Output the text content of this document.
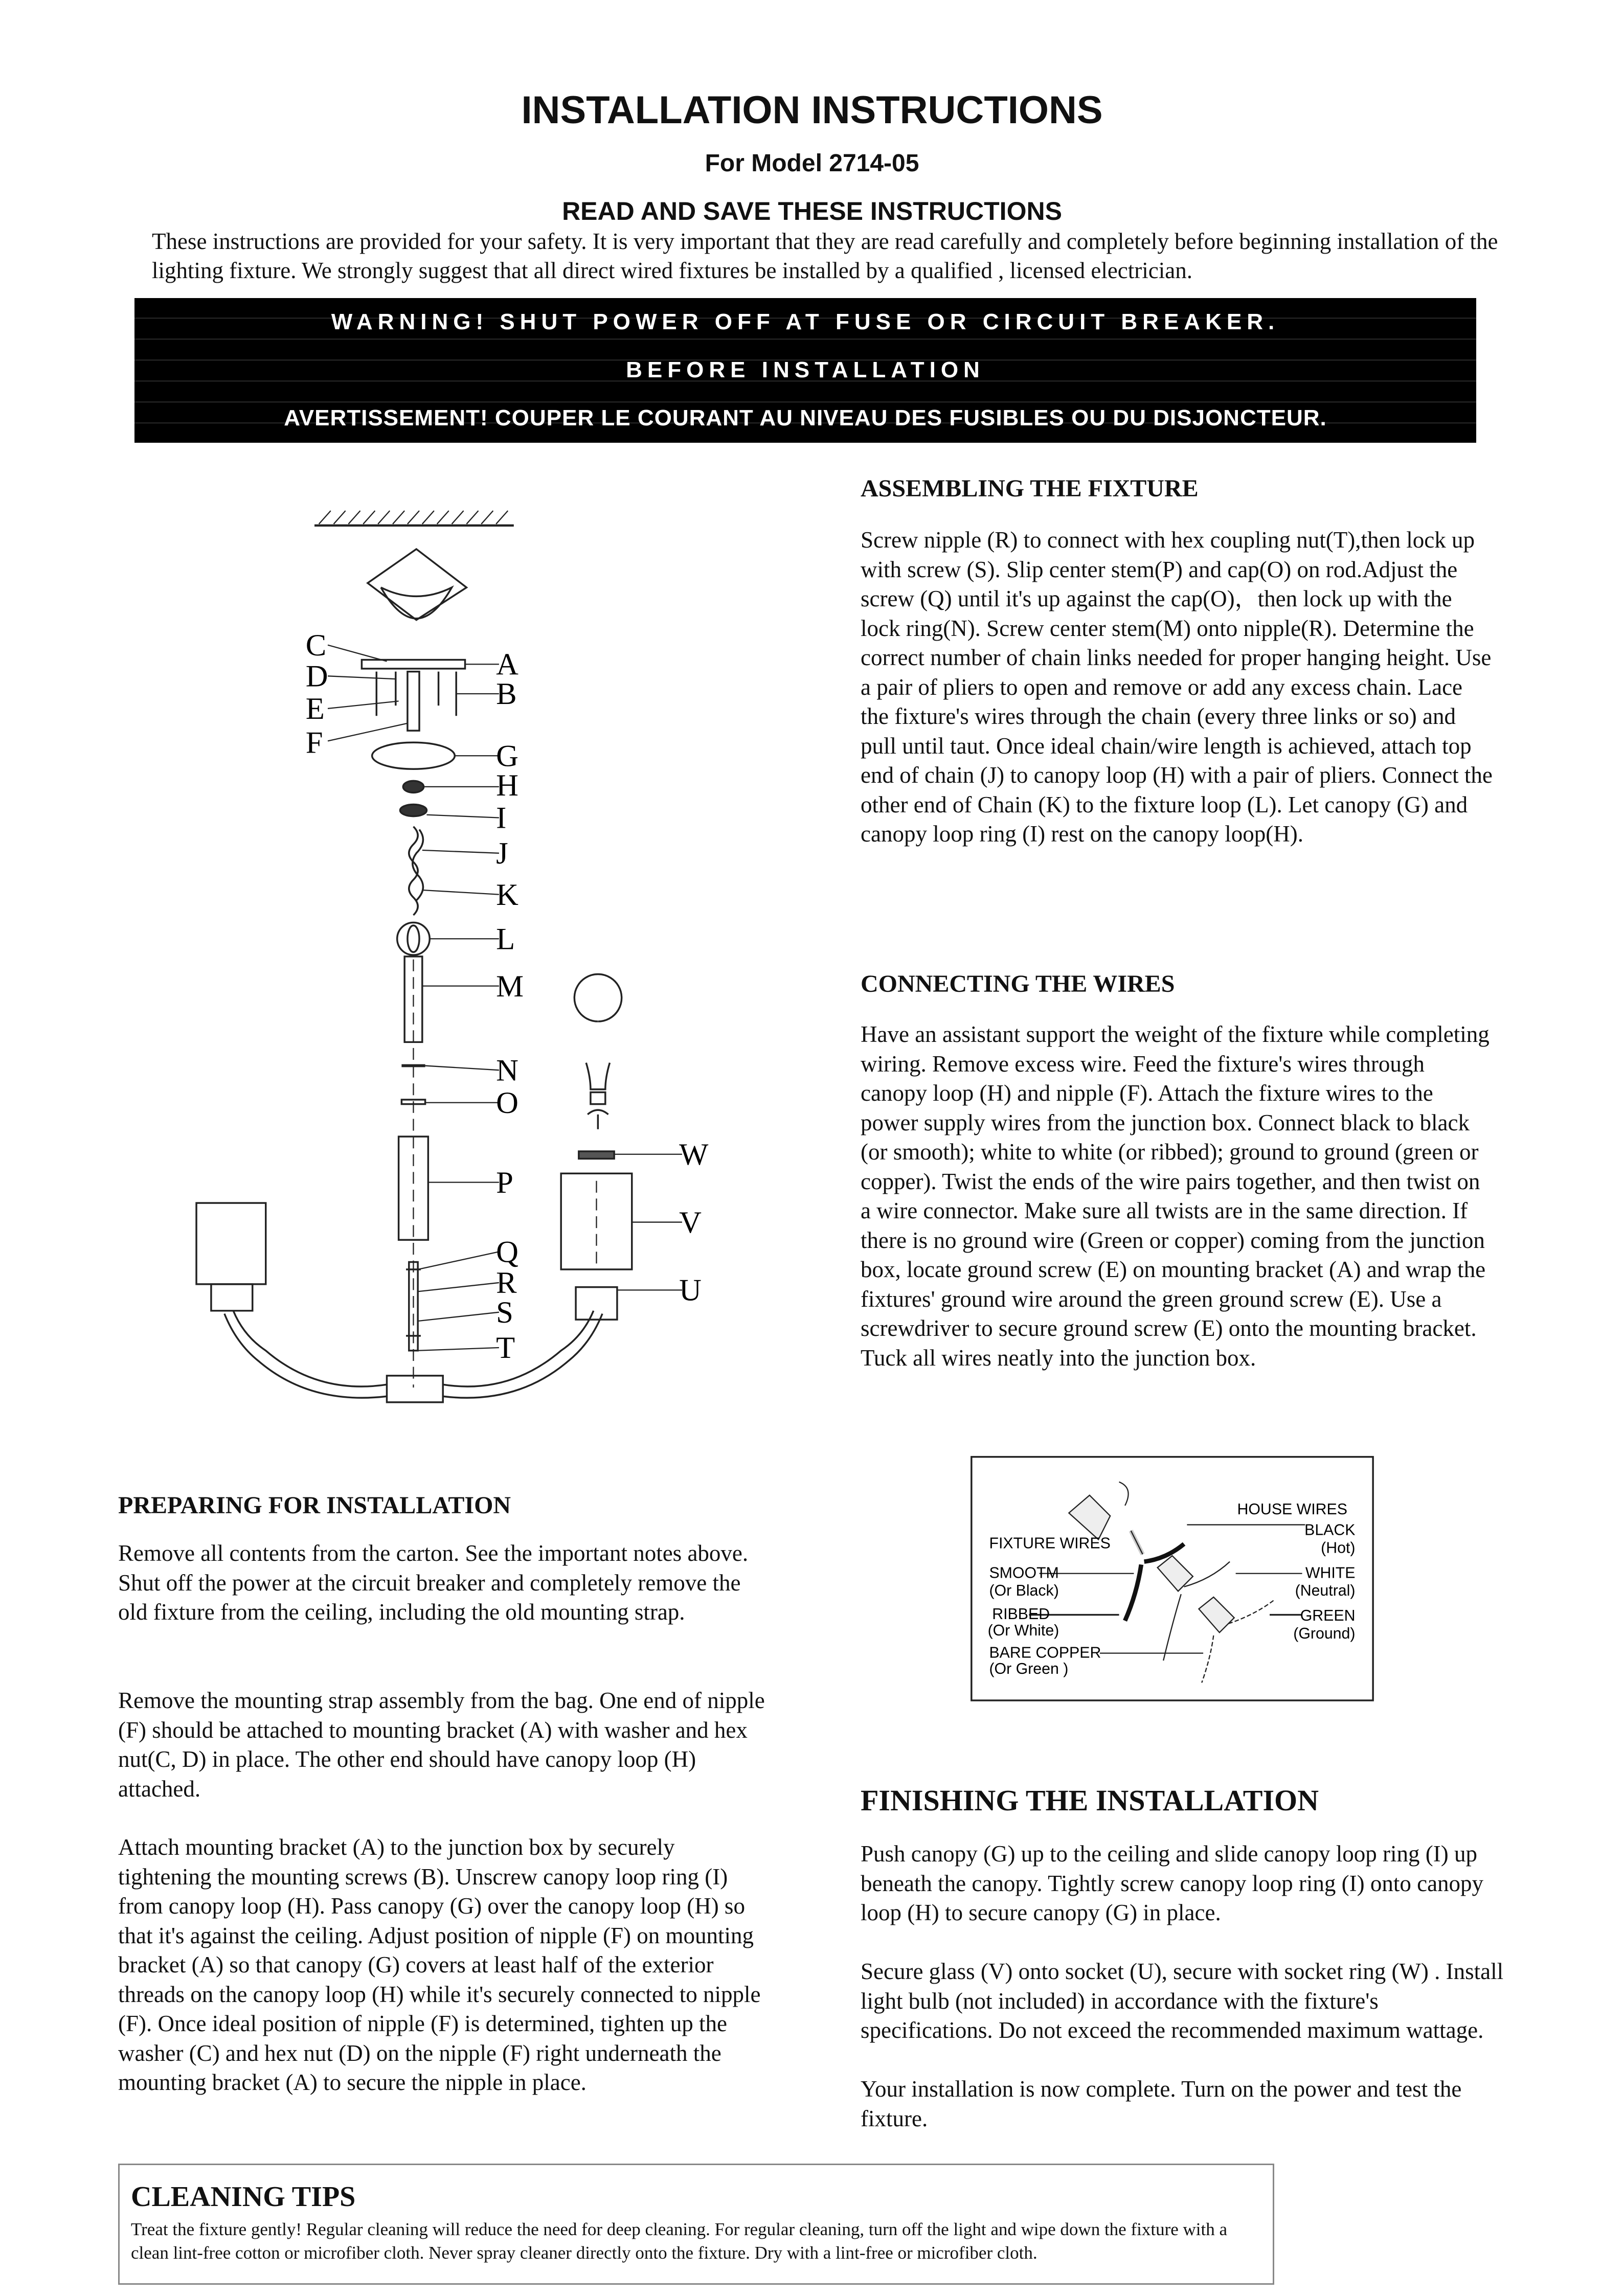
INSTALLATION INSTRUCTIONS
For Model 2714-05
READ AND SAVE THESE INSTRUCTIONS
These instructions are provided for your safety. It is very important that they are read carefully and completely before beginning installation of the lighting fixture. We strongly suggest that all direct wired fixtures be installed by a qualified , licensed electrician.
WARNING! SHUT POWER OFF AT FUSE OR CIRCUIT BREAKER.
BEFORE INSTALLATION
AVERTISSEMENT! COUPER LE COURANT AU NIVEAU DES FUSIBLES OU DU DISJONCTEUR.
ASSEMBLING THE FIXTURE
Screw nipple (R) to connect with hex coupling nut(T),then lock up with screw (S). Slip center stem(P) and cap(O) on rod.Adjust the screw (Q) until it's up against the cap(O)，then lock up with the lock ring(N). Screw center stem(M) onto nipple(R). Determine the correct number of chain links needed for proper hanging height. Use a pair of pliers to open and remove or add any excess chain. Lace the fixture's wires through the chain (every three links or so) and pull until taut. Once ideal chain/wire length is achieved, attach top end of chain (J) to canopy loop (H) with a pair of pliers. Connect the other end of Chain (K) to the fixture loop (L). Let canopy (G) and canopy loop ring (I) rest on the canopy loop(H).
CONNECTING THE WIRES
Have an assistant support the weight of the fixture while completing wiring. Remove excess wire. Feed the fixture's wires through canopy loop (H) and nipple (F). Attach the fixture wires to the power supply wires from the junction box. Connect black to black (or smooth); white to white (or ribbed); ground to ground (green or copper). Twist the ends of the wire pairs together, and then twist on a wire connector. Make sure all twists are in the same direction. If there is no ground wire (Green or copper) coming from the junction box, locate ground screw (E) on mounting bracket (A) and wrap the fixtures' ground wire around the green ground screw (E). Use a screwdriver to secure ground screw (E) onto the mounting bracket. Tuck all wires neatly into the junction box.
PREPARING FOR INSTALLATION
Remove all contents from the carton. See the important notes above. Shut off the power at the circuit breaker and completely remove the old fixture from the ceiling, including the old mounting strap.
Remove the mounting strap assembly from the bag. One end of nipple (F) should be attached to mounting bracket (A) with washer and hex nut(C, D) in place. The other end should have canopy loop (H) attached.
Attach mounting bracket (A) to the junction box by securely tightening the mounting screws (B). Unscrew canopy loop ring (I) from canopy loop (H). Pass canopy (G) over the canopy loop (H) so that it's against the ceiling. Adjust position of nipple (F) on mounting bracket (A) so that canopy (G) covers at least half of the exterior threads on the canopy loop (H) while it's securely connected to nipple (F). Once ideal position of nipple (F) is determined, tighten up the washer (C) and hex nut (D) on the nipple (F) right underneath the mounting bracket (A) to secure the nipple in place.
FINISHING THE INSTALLATION
Push canopy (G) up to the ceiling and slide canopy loop ring (I) up beneath the canopy. Tightly screw canopy loop ring (I) onto canopy loop (H) to secure canopy (G) in place.
Secure glass (V) onto socket (U), secure with socket ring (W) . Install light bulb (not included) in accordance with the fixture's specifications. Do not exceed the recommended maximum wattage.
Your installation is now complete. Turn on the power and test the fixture.
CLEANING TIPS
Treat the fixture gently! Regular cleaning will reduce the need for deep cleaning. For regular cleaning, turn off the light and wipe down the fixture with a clean lint-free cotton or microfiber cloth. Never spray cleaner directly onto the fixture. Dry with a lint-free or microfiber cloth.
C
D
E
F
A
B
G
H
I
J
K
L
M
N
O
P
Q
R
S
T
W
V
U
HOUSE WIRES
BLACK
(Hot)
WHITE
(Neutral)
GREEN
(Ground)
FIXTURE WIRES
SMOOTM
(Or Black)
RIBBED
(Or White)
BARE COPPER
(Or Green )
